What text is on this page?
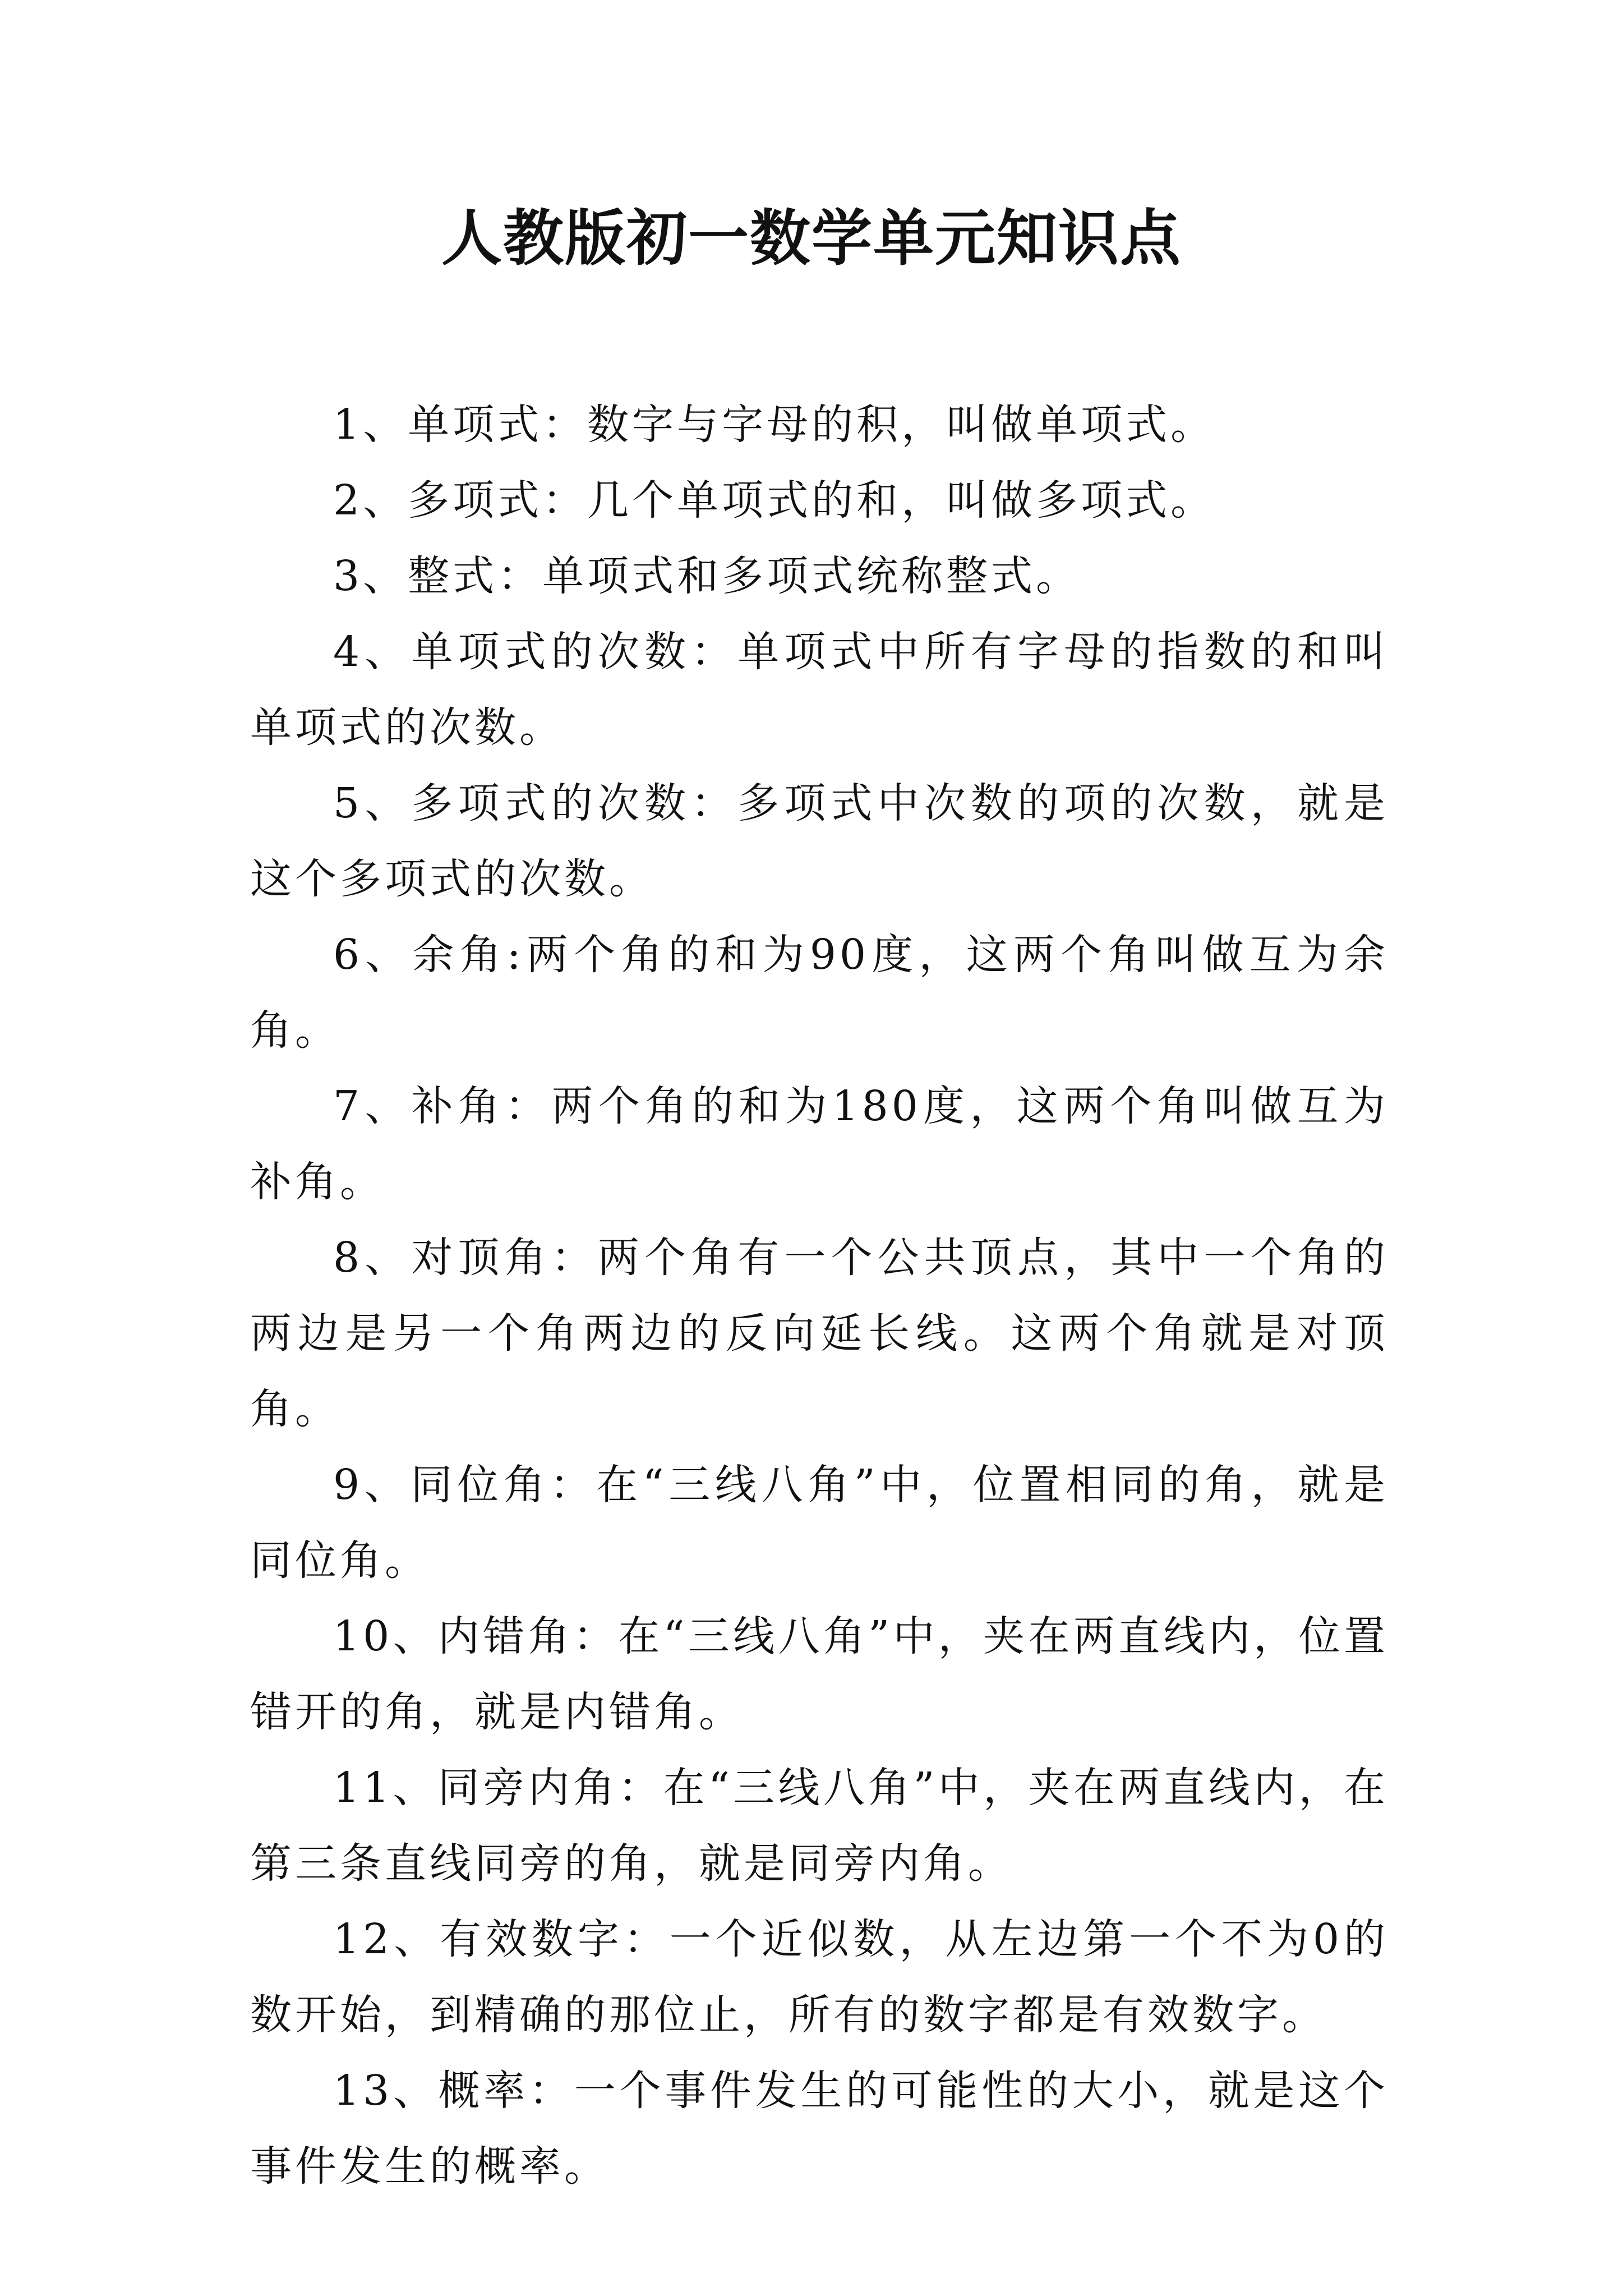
人教版初一数学单元知识点

1、单项式：数字与字母的积，叫做单项式。

2、多项式：几个单项式的和，叫做多项式。

3、整式：单项式和多项式统称整式。

4、单项式的次数：单项式中所有字母的指数的和叫单项式的次数。

5、多项式的次数：多项式中次数的项的次数，就是这个多项式的次数。

6、余角:两个角的和为90度，这两个角叫做互为余角。

7、补角：两个角的和为180度，这两个角叫做互为补角。

8、对顶角：两个角有一个公共顶点，其中一个角的两边是另一个角两边的反向延长线。这两个角就是对顶角。

9、同位角：在“三线八角”中，位置相同的角，就是同位角。

10、内错角：在“三线八角”中，夹在两直线内，位置错开的角，就是内错角。

11、同旁内角：在“三线八角”中，夹在两直线内，在第三条直线同旁的角，就是同旁内角。

12、有效数字：一个近似数，从左边第一个不为0的数开始，到精确的那位止，所有的数字都是有效数字。

13、概率：一个事件发生的可能性的大小，就是这个事件发生的概率。
